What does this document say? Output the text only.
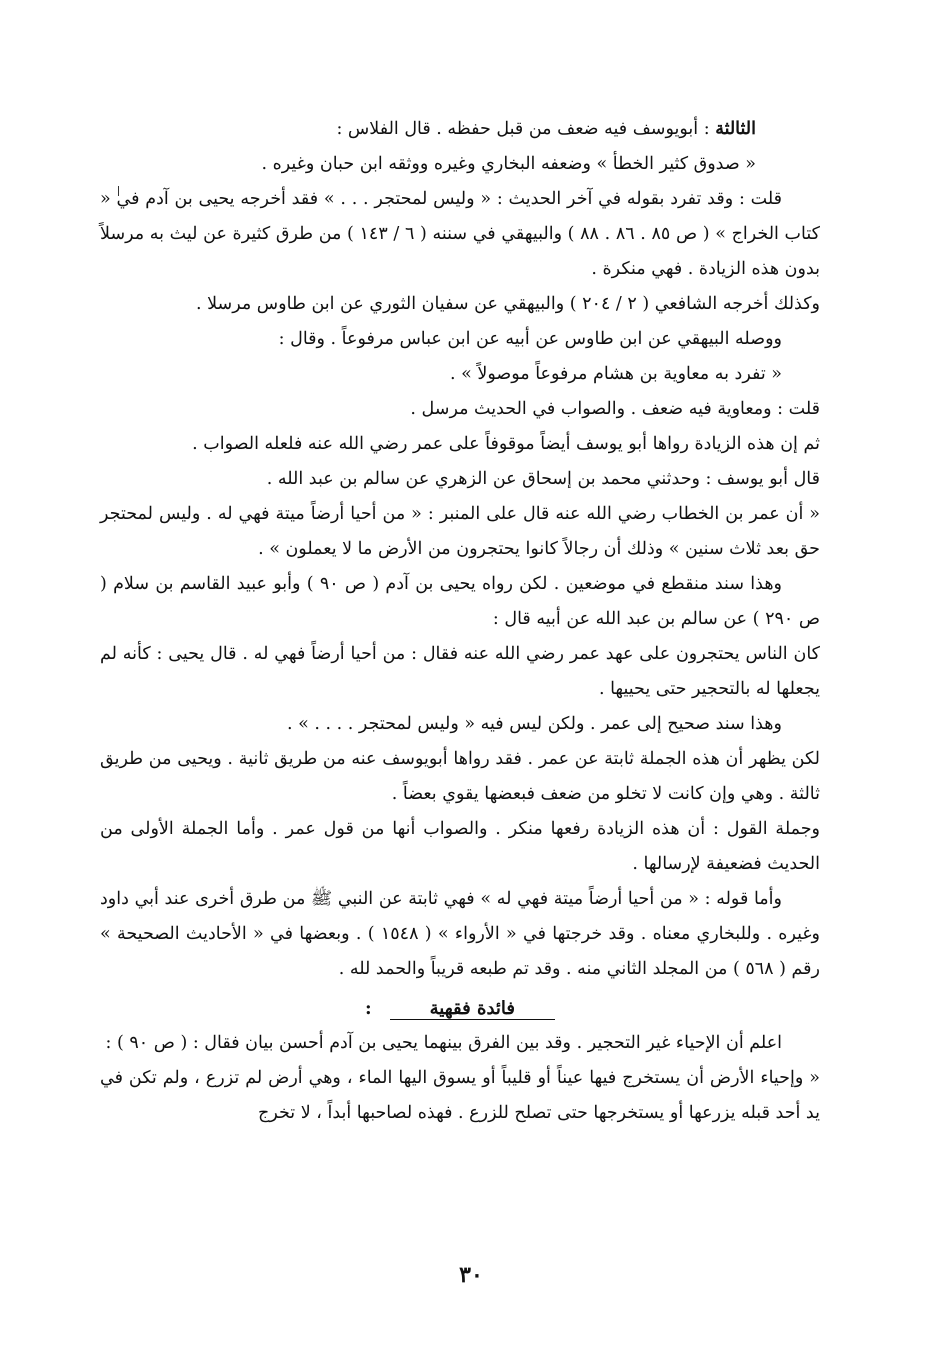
الثالثة : أبويوسف فيه ضعف من قبل حفظه . قال الفلاس :

« صدوق كثير الخطأ » وضعفه البخاري وغيره ووثقه ابن حبان وغيره .

قلت : وقد تفرد بقوله في آخر الحديث : « وليس لمحتجر . . . » فقد أخرجه يحيى بن آدم في « كتاب الخراج » ( ص ٨٥ . ٨٦ . ٨٨ ) والبيهقي في سننه ( ٦ / ١٤٣ ) من طرق كثيرة عن ليث به مرسلاً بدون هذه الزيادة . فهي منكرة .

وكذلك أخرجه الشافعي ( ٢ / ٢٠٤ ) والبيهقي عن سفيان الثوري عن ابن طاوس مرسلا .

ووصله البيهقي عن ابن طاوس عن أبيه عن ابن عباس مرفوعاً . وقال :

« تفرد به معاوية بن هشام مرفوعاً موصولاً » .

قلت : ومعاوية فيه ضعف . والصواب في الحديث مرسل .

ثم إن هذه الزيادة رواها أبو يوسف أيضاً موقوفاً على عمر رضي الله عنه فلعله الصواب .

قال أبو يوسف : وحدثني محمد بن إسحاق عن الزهري عن سالم بن عبد الله .

« أن عمر بن الخطاب رضي الله عنه قال على المنبر : « من أحيا أرضاً ميتة فهي له . وليس لمحتجر حق بعد ثلاث سنين » وذلك أن رجالاً كانوا يحتجرون من الأرض ما لا يعملون » .

وهذا سند منقطع في موضعين . لكن رواه يحيى بن آدم ( ص ٩٠ ) وأبو عبيد القاسم بن سلام ( ص ٢٩٠ ) عن سالم بن عبد الله عن أبيه قال :

كان الناس يحتجرون على عهد عمر رضي الله عنه فقال : من أحيا أرضاً فهي له . قال يحيى : كأنه لم يجعلها له بالتحجير حتى يحييها .

وهذا سند صحيح إلى عمر . ولكن ليس فيه « وليس لمحتجر . . . . » .

لكن يظهر أن هذه الجملة ثابتة عن عمر . فقد رواها أبويوسف عنه من طريق ثانية . ويحيى من طريق ثالثة . وهي وإن كانت لا تخلو من ضعف فبعضها يقوي بعضاً .

وجملة القول : أن هذه الزيادة رفعها منكر . والصواب أنها من قول عمر . وأما الجملة الأولى من الحديث فضعيفة لإرسالها .

وأما قوله : « من أحيا أرضاً ميتة فهي له » فهي ثابتة عن النبي ﷺ من طرق أخرى عند أبي داود وغيره . وللبخاري معناه . وقد خرجتها في « الأرواء » ( ١٥٤٨ ) . وبعضها في « الأحاديث الصحيحة » رقم ( ٥٦٨ ) من المجلد الثاني منه . وقد تم طبعه قريباً والحمد لله .

فائدة فقهية:

اعلم أن الإحياء غير التحجير . وقد بين الفرق بينهما يحيى بن آدم أحسن بيان فقال : ( ص ٩٠ ) :

« وإحياء الأرض أن يستخرج فيها عيناً أو قليباً أو يسوق اليها الماء ، وهي أرض لم تزرع ، ولم تكن في يد أحد قبله يزرعها أو يستخرجها حتى تصلح للزرع . فهذه لصاحبها أبداً ، لا تخرج

٣٠
